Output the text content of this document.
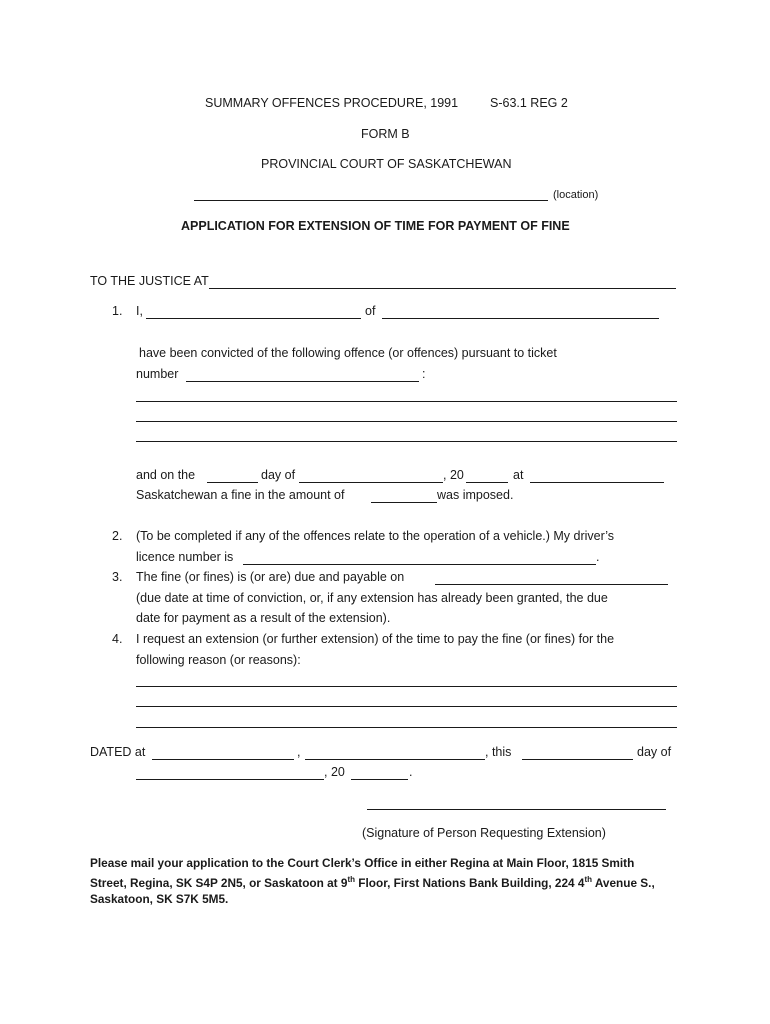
SUMMARY OFFENCES PROCEDURE, 1991	S-63.1 REG 2
FORM B
PROVINCIAL COURT OF SASKATCHEWAN
(location)
APPLICATION FOR EXTENSION OF TIME FOR PAYMENT OF FINE
TO THE JUSTICE AT
1. I,	of
have been convicted of the following offence (or offences) pursuant to ticket
number	:
and on the	day of	, 20	at
Saskatchewan a fine in the amount of	was imposed.
2. (To be completed if any of the offences relate to the operation of a vehicle.) My driver’s
licence number is	.
3. The fine (or fines) is (or are) due and payable on
(due date at time of conviction, or, if any extension has already been granted, the due
date for payment as a result of the extension).
4. I request an extension (or further extension) of the time to pay the fine (or fines) for the
following reason (or reasons):
DATED at	,	, this	day of
, 20	.
(Signature of Person Requesting Extension)
Please mail your application to the Court Clerk’s Office in either Regina at Main Floor, 1815 Smith
Street, Regina, SK S4P 2N5, or Saskatoon at 9th Floor, First Nations Bank Building, 224 4th Avenue S.,
Saskatoon, SK S7K 5M5.
